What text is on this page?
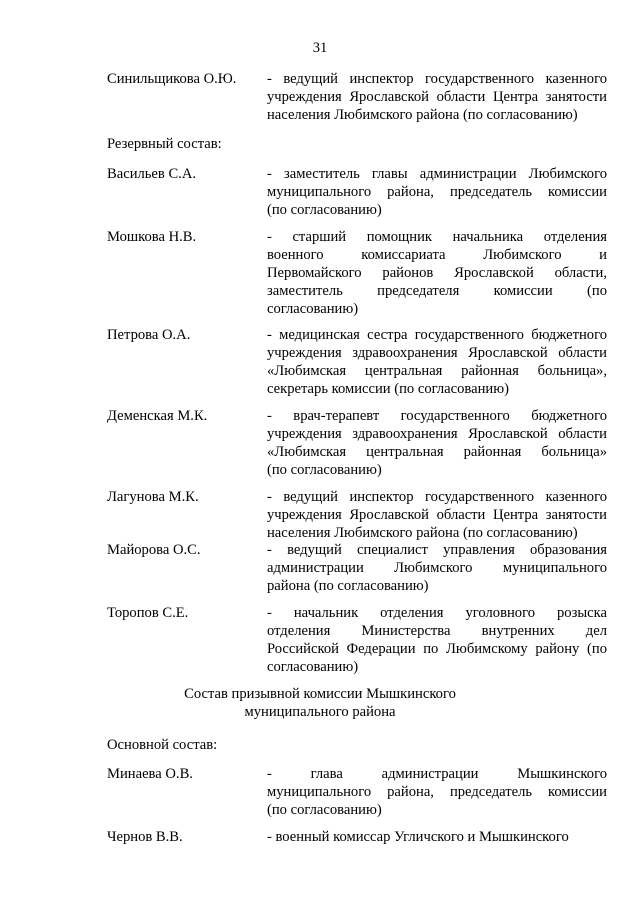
31
Синильщикова О.Ю. - ведущий инспектор государственного казенного
учреждения Ярославской области Центра занятости
населения Любимского района (по согласованию)
Резервный состав:
Васильев С.А.	- заместитель главы администрации Любимского
муниципального района, председатель комиссии
(по согласованию)
Мошкова Н.В.	- старший помощник начальника отделения
военного комиссариата Любимского и
Первомайского районов Ярославской области,
заместитель председателя комиссии (по
согласованию)
Петрова О.А.	- медицинская сестра государственного бюджетного
учреждения здравоохранения Ярославской области
«Любимская центральная районная больница»,
секретарь комиссии (по согласованию)
Деменская М.К.	- врач-терапевт государственного бюджетного
учреждения здравоохранения Ярославской области
«Любимская центральная районная больница»
(по согласованию)
Лагунова М.К.	- ведущий инспектор государственного казенного
учреждения Ярославской области Центра занятости
населения Любимского района (по согласованию)
Майорова О.С.	- ведущий специалист управления образования
администрации Любимского муниципального
района (по согласованию)
Торопов С.Е.	- начальник отделения уголовного розыска
отделения Министерства внутренних дел
Российской Федерации по Любимскому району (по
согласованию)
Состав призывной комиссии Мышкинского
муниципального района
Основной состав:
Минаева О.В.	- глава администрации Мышкинского
муниципального района, председатель комиссии
(по согласованию)
Чернов В.В.	- военный комиссар Угличского и Мышкинского
